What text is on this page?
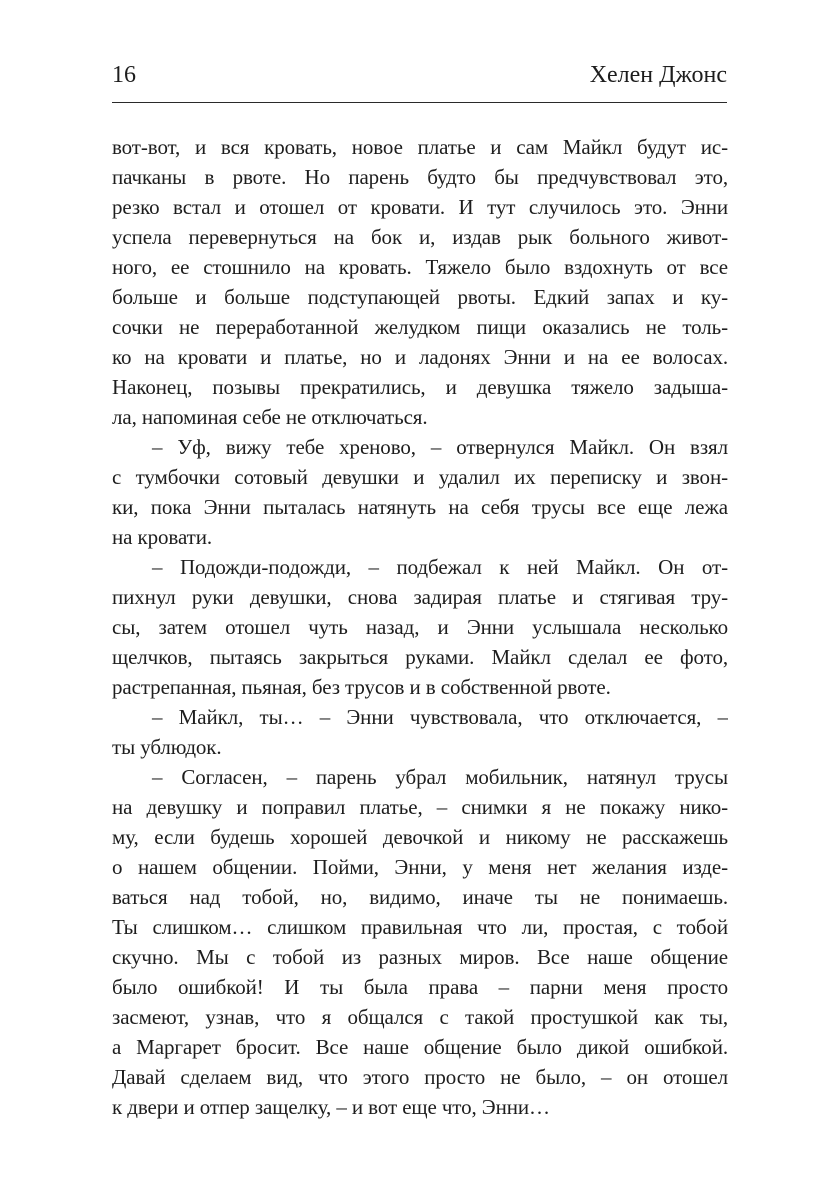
16	Хелен Джонс
вот-вот, и вся кровать, новое платье и сам Майкл будут ис-
пачканы в рвоте. Но парень будто бы предчувствовал это,
резко встал и отошел от кровати. И тут случилось это. Энни
успела перевернуться на бок и, издав рык больного живот-
ного, ее стошнило на кровать. Тяжело было вздохнуть от все
больше и больше подступающей рвоты. Едкий запах и ку-
сочки не переработанной желудком пищи оказались не толь-
ко на кровати и платье, но и ладонях Энни и на ее волосах.
Наконец, позывы прекратились, и девушка тяжело задыша-
ла, напоминая себе не отключаться.
– Уф, вижу тебе хреново, – отвернулся Майкл. Он взял
с тумбочки сотовый девушки и удалил их переписку и звон-
ки, пока Энни пыталась натянуть на себя трусы все еще лежа
на кровати.
– Подожди-подожди, – подбежал к ней Майкл. Он от-
пихнул руки девушки, снова задирая платье и стягивая тру-
сы, затем отошел чуть назад, и Энни услышала несколько
щелчков, пытаясь закрыться руками. Майкл сделал ее фото,
растрепанная, пьяная, без трусов и в собственной рвоте.
– Майкл, ты… – Энни чувствовала, что отключается, –
ты ублюдок.
– Согласен, – парень убрал мобильник, натянул трусы
на девушку и поправил платье, – снимки я не покажу нико-
му, если будешь хорошей девочкой и никому не расскажешь
о нашем общении. Пойми, Энни, у меня нет желания изде-
ваться над тобой, но, видимо, иначе ты не понимаешь.
Ты слишком… слишком правильная что ли, простая, с тобой
скучно. Мы с тобой из разных миров. Все наше общение
было ошибкой! И ты была права – парни меня просто
засмеют, узнав, что я общался с такой простушкой как ты,
а Маргарет бросит. Все наше общение было дикой ошибкой.
Давай сделаем вид, что этого просто не было, – он отошел
к двери и отпер защелку, – и вот еще что, Энни…
